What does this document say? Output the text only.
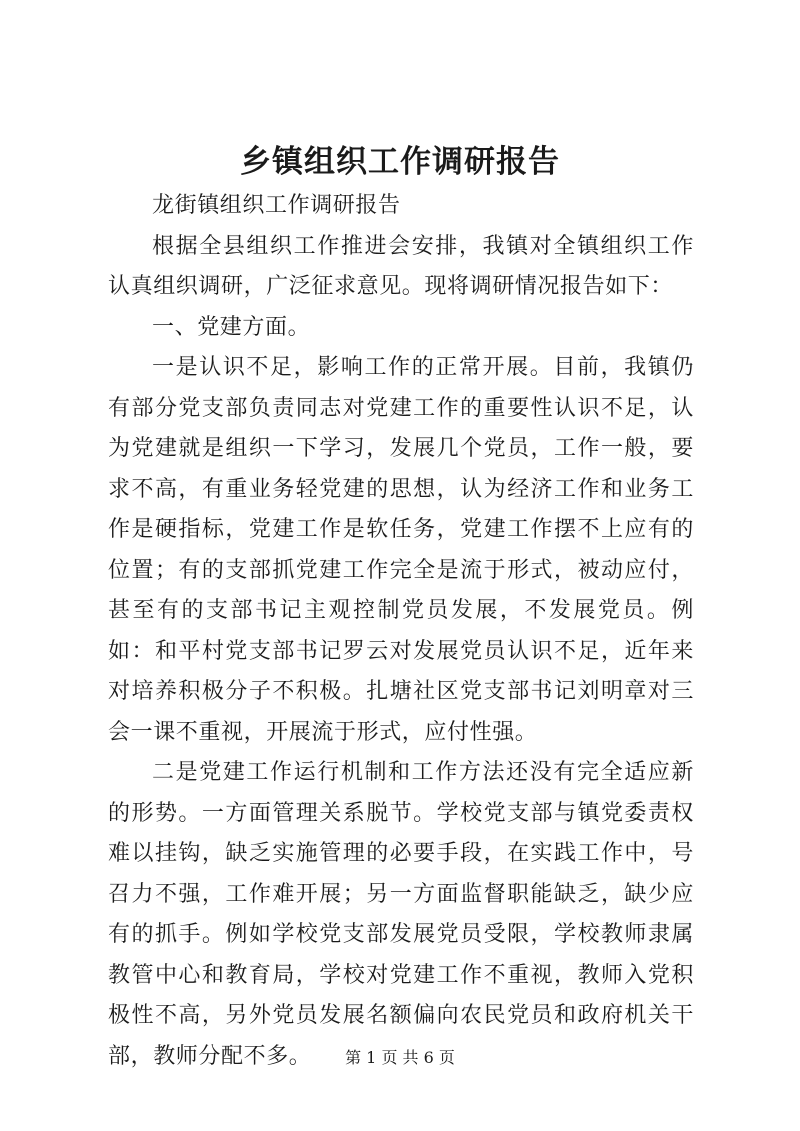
乡镇组织工作调研报告

龙街镇组织工作调研报告

根据全县组织工作推进会安排，我镇对全镇组织工作认真组织调研，广泛征求意见。现将调研情况报告如下：

一、党建方面。

一是认识不足，影响工作的正常开展。目前，我镇仍有部分党支部负责同志对党建工作的重要性认识不足，认为党建就是组织一下学习，发展几个党员，工作一般，要求不高，有重业务轻党建的思想，认为经济工作和业务工作是硬指标，党建工作是软任务，党建工作摆不上应有的位置；有的支部抓党建工作完全是流于形式，被动应付，甚至有的支部书记主观控制党员发展，不发展党员。例如：和平村党支部书记罗云对发展党员认识不足，近年来对培养积极分子不积极。扎塘社区党支部书记刘明章对三会一课不重视，开展流于形式，应付性强。

二是党建工作运行机制和工作方法还没有完全适应新的形势。一方面管理关系脱节。学校党支部与镇党委责权难以挂钩，缺乏实施管理的必要手段，在实践工作中，号召力不强，工作难开展；另一方面监督职能缺乏，缺少应有的抓手。例如学校党支部发展党员受限，学校教师隶属教管中心和教育局，学校对党建工作不重视，教师入党积极性不高，另外党员发展名额偏向农民党员和政府机关干部，教师分配不多。	第 1 页 共 6 页
